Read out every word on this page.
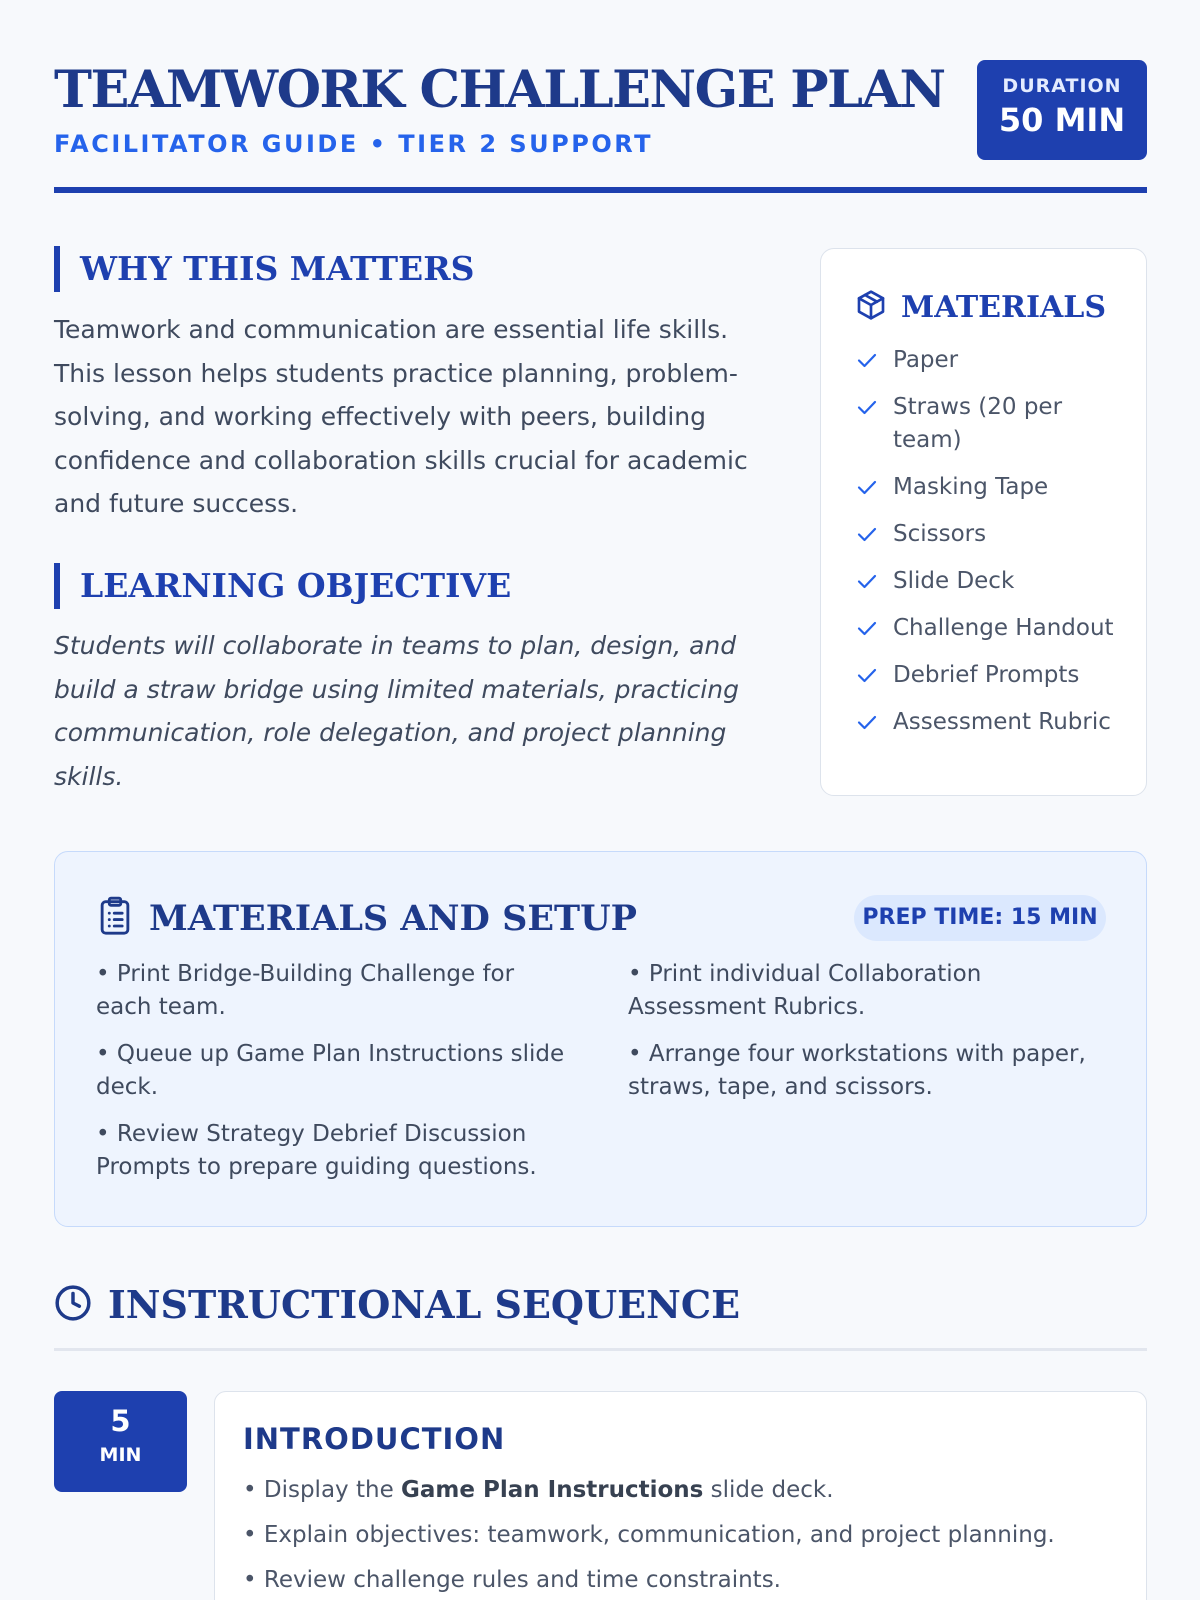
TEAMWORK CHALLENGE PLAN
FACILITATOR GUIDE • TIER 2 SUPPORT
DURATION
50 MIN
WHY THIS MATTERS

Teamwork and communication are essential life skills. This lesson helps students practice planning, problem-solving, and working effectively with peers, building confidence and collaboration skills crucial for academic and future success.

LEARNING OBJECTIVE

Students will collaborate in teams to plan, design, and build a straw bridge using limited materials, practicing communication, role delegation, and project planning skills.

MATERIALS
Paper
Straws (20 per team)
Masking Tape
Scissors
Slide Deck
Challenge Handout
Debrief Prompts
Assessment Rubric
MATERIALS AND SETUP	PREP TIME: 15 MIN
• Print Bridge-Building Challenge for each team.
• Queue up Game Plan Instructions slide deck.
• Review Strategy Debrief Discussion Prompts to prepare guiding questions.
• Print individual Collaboration Assessment Rubrics.
• Arrange four workstations with paper, straws, tape, and scissors.
INSTRUCTIONAL SEQUENCE
5
MIN	INTRODUCTION
• Display the Game Plan Instructions slide deck.
• Explain objectives: teamwork, communication, and project planning.
• Review challenge rules and time constraints.
